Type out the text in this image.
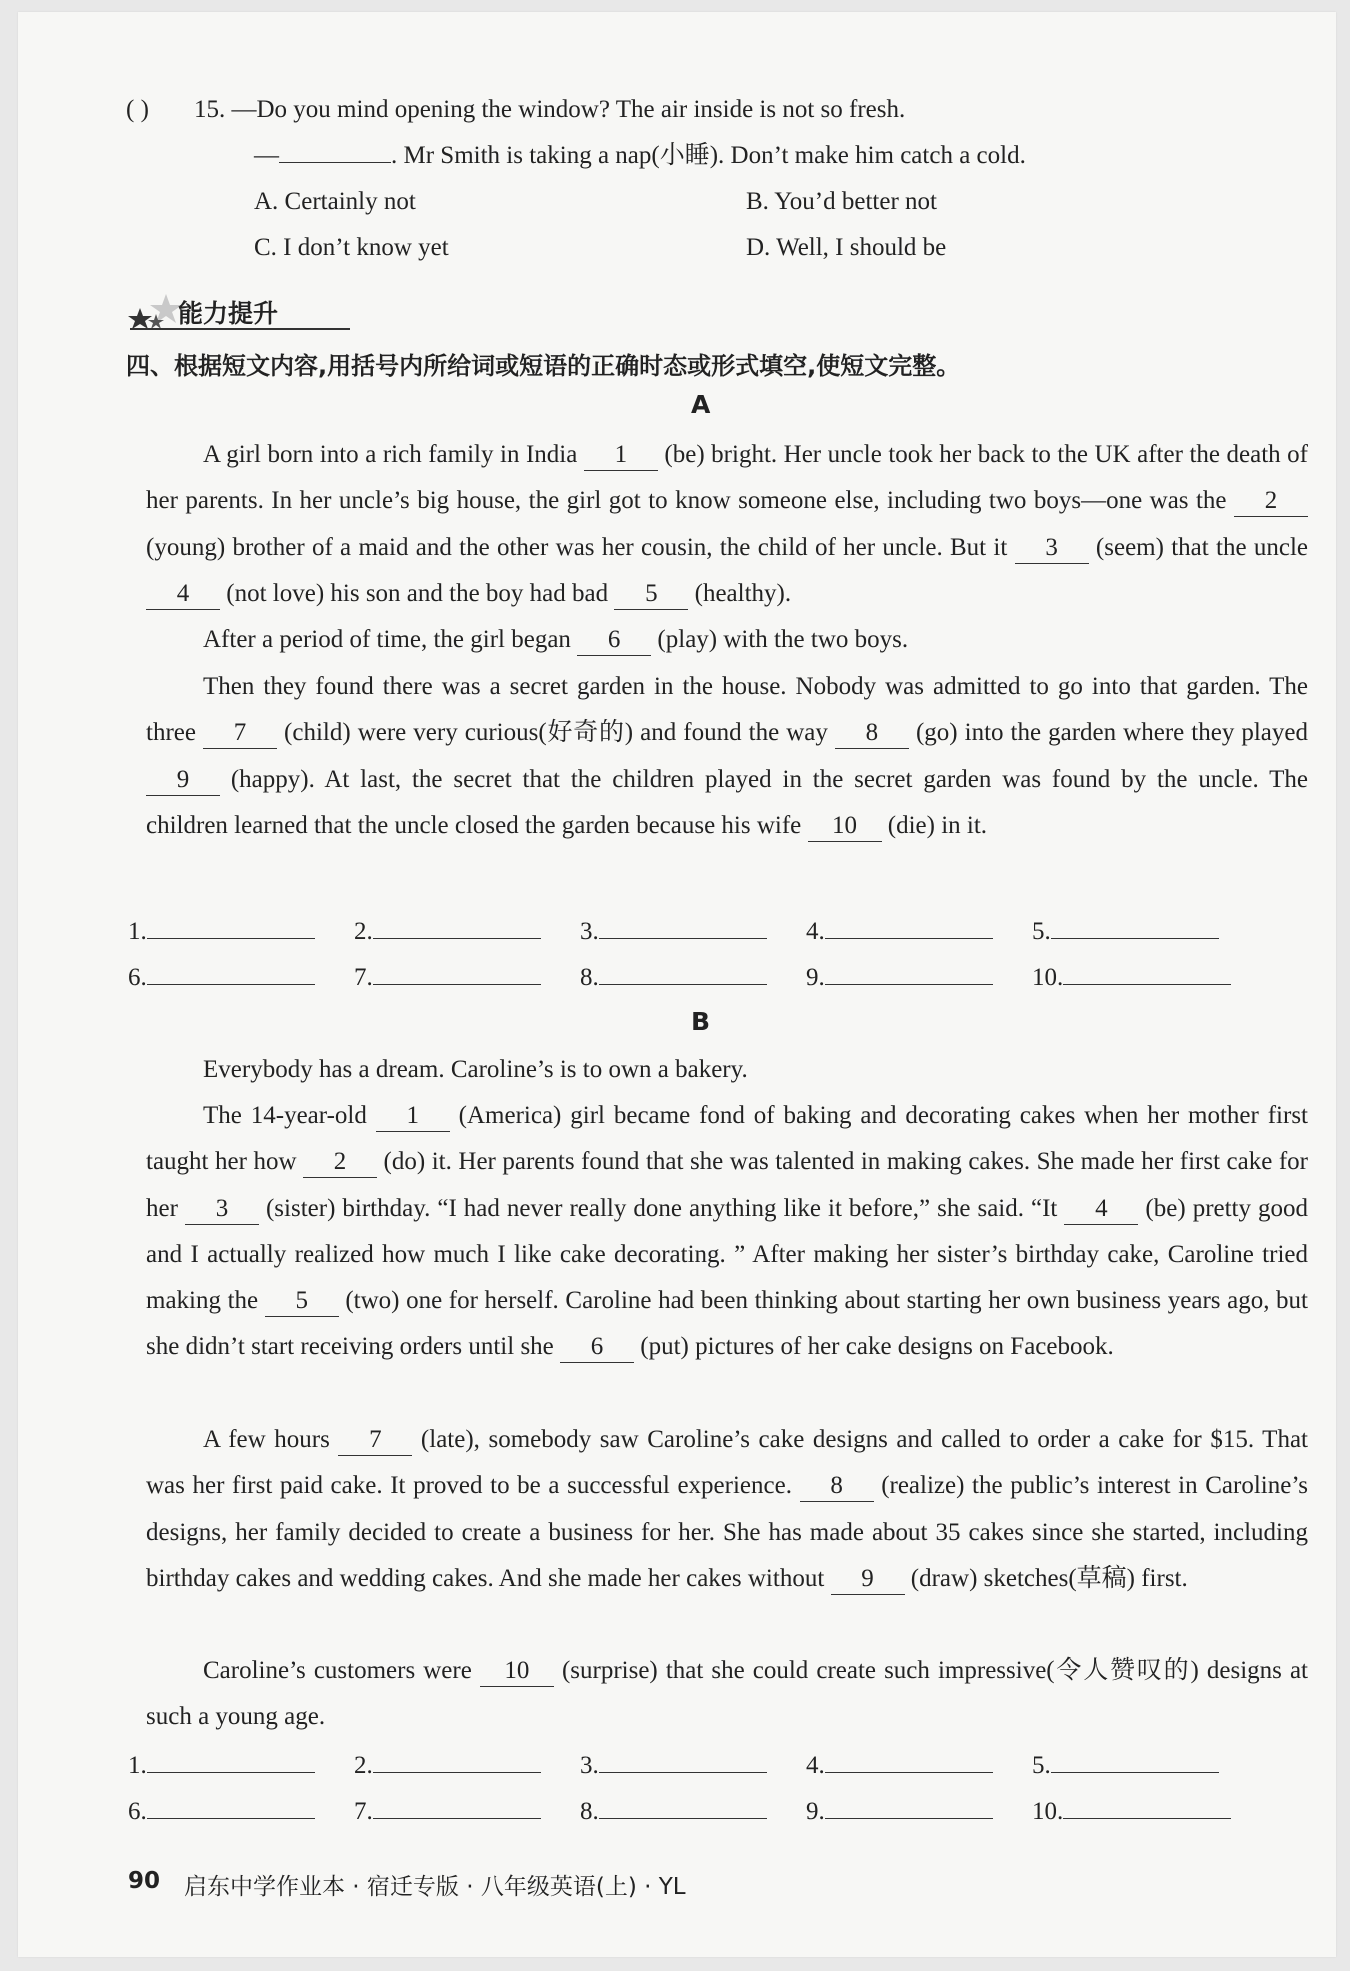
( ) 15. —Do you mind opening the window? The air inside is not so fresh.
—	. Mr Smith is taking a nap(小睡). Don’t make him catch a cold.
A. Certainly not	B. You’d better not
C. I don’t know yet	D. Well, I should be
能力提升
四、根据短文内容,用括号内所给词或短语的正确时态或形式填空,使短文完整。
A
A girl born into a rich family in India 1 (be) bright. Her uncle took her back to the UK after the death of her parents. In her uncle’s big house, the girl got to know someone else, including two boys—one was the 2 (young) brother of a maid and the other was her cousin, the child of her uncle. But it 3 (seem) that the uncle 4 (not love) his son and the boy had bad 5 (healthy).
After a period of time, the girl began 6 (play) with the two boys.
Then they found there was a secret garden in the house. Nobody was admitted to go into that garden. The three 7 (child) were very curious(好奇的) and found the way 8 (go) into the garden where they played 9 (happy). At last, the secret that the children played in the secret garden was found by the uncle. The children learned that the uncle closed the garden because his wife 10 (die) in it.
1.	2.	3.	4.	5.
6.	7.	8.	9.	10.
B
Everybody has a dream. Caroline’s is to own a bakery.
The 14-year-old 1 (America) girl became fond of baking and decorating cakes when her mother first taught her how 2 (do) it. Her parents found that she was talented in making cakes. She made her first cake for her 3 (sister) birthday. “I had never really done anything like it before,” she said. “It 4 (be) pretty good and I actually realized how much I like cake decorating. ” After making her sister’s birthday cake, Caroline tried making the 5 (two) one for herself. Caroline had been thinking about starting her own business years ago, but she didn’t start receiving orders until she 6 (put) pictures of her cake designs on Facebook.
A few hours 7 (late), somebody saw Caroline’s cake designs and called to order a cake for $15. That was her first paid cake. It proved to be a successful experience. 8 (realize) the public’s interest in Caroline’s designs, her family decided to create a business for her. She has made about 35 cakes since she started, including birthday cakes and wedding cakes. And she made her cakes without 9 (draw) sketches(草稿) first.
Caroline’s customers were 10 (surprise) that she could create such impressive(令人赞叹的) designs at such a young age.
1.	2.	3.	4.	5.
6.	7.	8.	9.	10.
90 启东中学作业本 · 宿迁专版 · 八年级英语(上) · YL
